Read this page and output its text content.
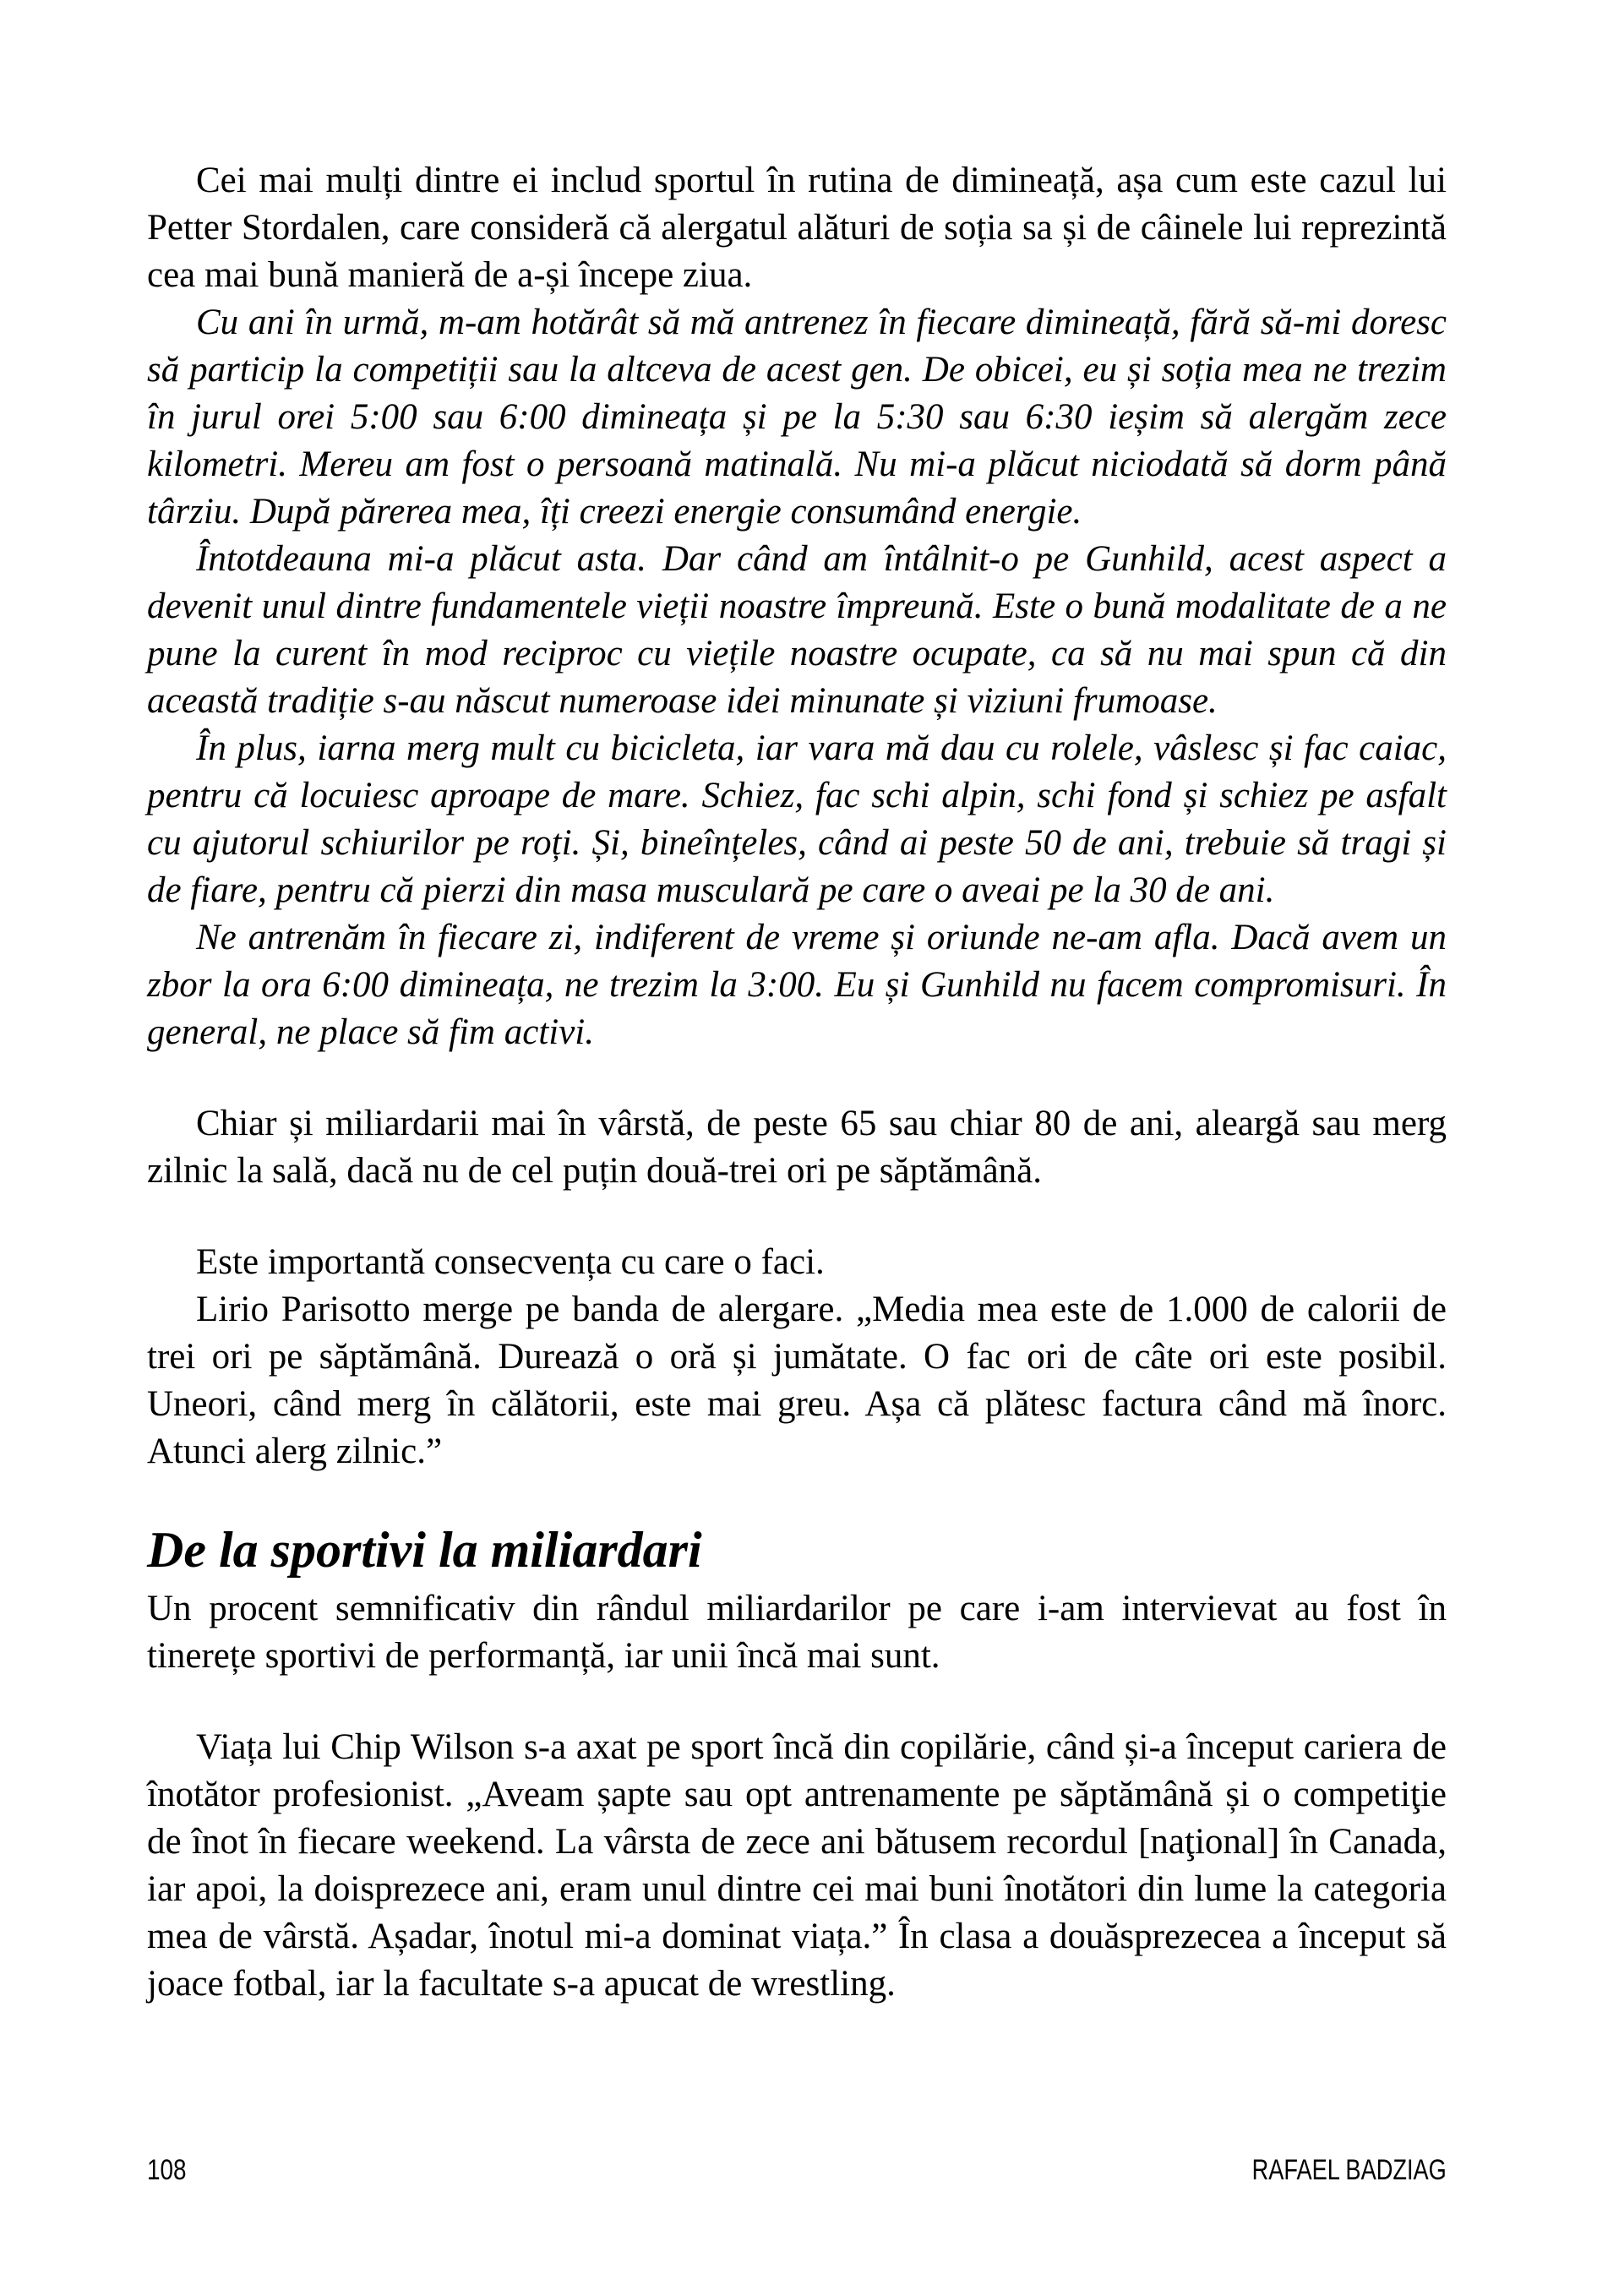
Cei mai mulți dintre ei includ sportul în rutina de dimineață, așa cum este cazul lui Petter Stordalen, care consideră că alergatul alături de soția sa și de câinele lui reprezintă cea mai bună manieră de a-și începe ziua.

Cu ani în urmă, m-am hotărât să mă antrenez în fiecare dimineață, fără să-mi doresc să particip la competiții sau la altceva de acest gen. De obicei, eu și soția mea ne trezim în jurul orei 5:00 sau 6:00 dimineața și pe la 5:30 sau 6:30 ieșim să alergăm zece kilometri. Mereu am fost o persoană matinală. Nu mi-a plăcut niciodată să dorm până târziu. După părerea mea, îți creezi energie consumând energie.

Întotdeauna mi-a plăcut asta. Dar când am întâlnit-o pe Gunhild, acest aspect a devenit unul dintre fundamentele vieții noastre împreună. Este o bună modalitate de a ne pune la curent în mod reciproc cu viețile noastre ocupate, ca să nu mai spun că din această tradiție s-au născut numeroase idei minunate și viziuni frumoase.

În plus, iarna merg mult cu bicicleta, iar vara mă dau cu rolele, vâslesc și fac caiac, pentru că locuiesc aproape de mare. Schiez, fac schi alpin, schi fond și schiez pe asfalt cu ajutorul schiurilor pe roți. Și, bineînțeles, când ai peste 50 de ani, trebuie să tragi și de fiare, pentru că pierzi din masa musculară pe care o aveai pe la 30 de ani.

Ne antrenăm în fiecare zi, indiferent de vreme și oriunde ne-am afla. Dacă avem un zbor la ora 6:00 dimineața, ne trezim la 3:00. Eu și Gunhild nu facem compromisuri. În general, ne place să fim activi.

Chiar și miliardarii mai în vârstă, de peste 65 sau chiar 80 de ani, aleargă sau merg zilnic la sală, dacă nu de cel puțin două-trei ori pe săptămână.

Este importantă consecvența cu care o faci.

Lirio Parisotto merge pe banda de alergare. „Media mea este de 1.000 de calorii de trei ori pe săptămână. Durează o oră și jumătate. O fac ori de câte ori este posibil. Uneori, când merg în călătorii, este mai greu. Așa că plătesc factura când mă înorc. Atunci alerg zilnic.”

De la sportivi la miliardari

Un procent semnificativ din rândul miliardarilor pe care i-am intervievat au fost în tinerețe sportivi de performanță, iar unii încă mai sunt.

Viața lui Chip Wilson s-a axat pe sport încă din copilărie, când și-a început cariera de înotător profesionist. „Aveam șapte sau opt antrenamente pe săptămână și o competiţie de înot în fiecare weekend. La vârsta de zece ani bătusem recordul [naţional] în Canada, iar apoi, la doisprezece ani, eram unul dintre cei mai buni înotători din lume la categoria mea de vârstă. Așadar, înotul mi-a dominat viața.” În clasa a douăsprezecea a început să joace fotbal, iar la facultate s-a apucat de wrestling.

108	RAFAEL BADZIAG
